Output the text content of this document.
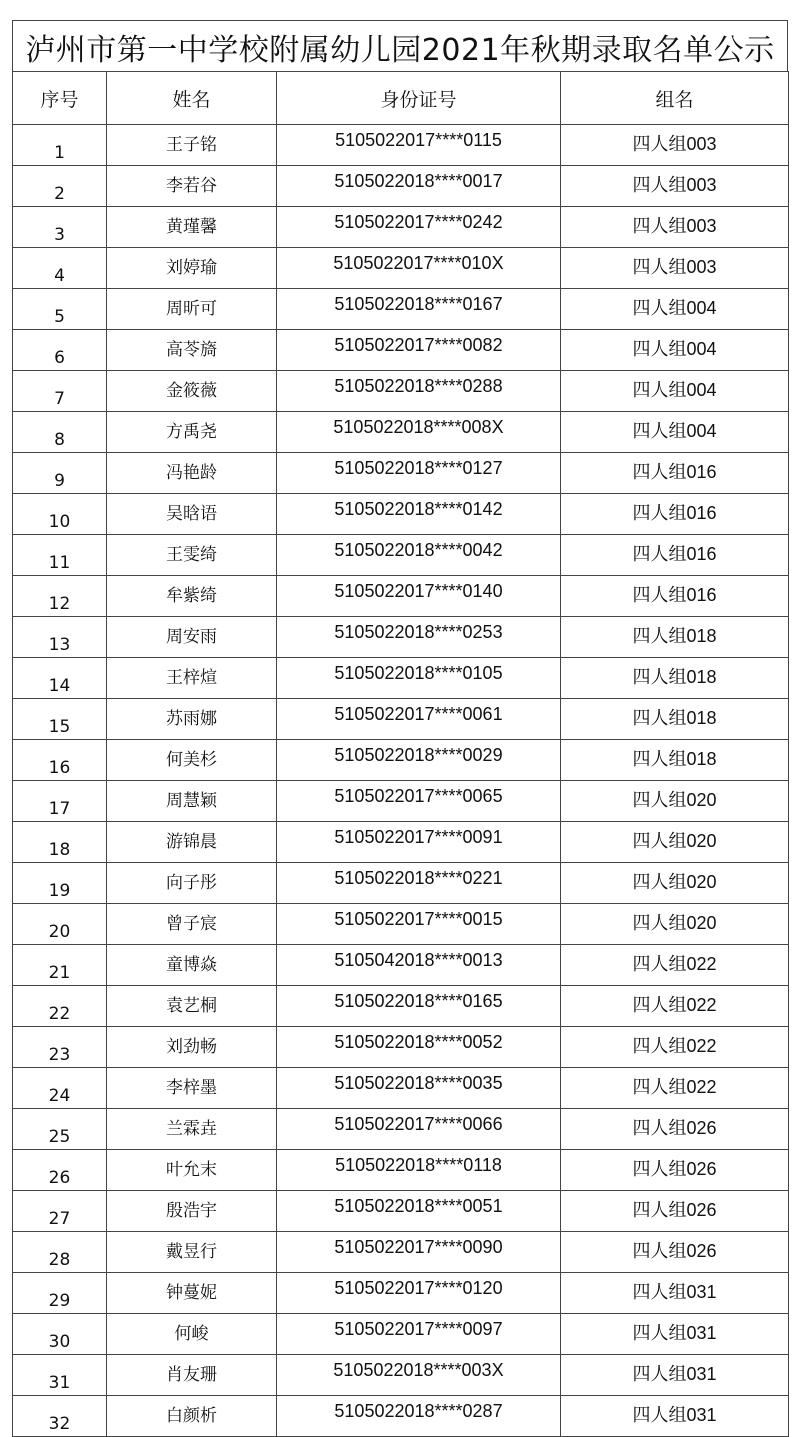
泸州市第一中学校附属幼儿园2021年秋期录取名单公示
序号	姓名	身份证号	组名
1	王子铭	5105022017****0115	四人组003
2	李若谷	5105022018****0017	四人组003
3	黄瑾馨	5105022017****0242	四人组003
4	刘婷瑜	5105022017****010X	四人组003
5	周昕可	5105022018****0167	四人组004
6	高苓旖	5105022017****0082	四人组004
7	金筱薇	5105022018****0288	四人组004
8	方禹尧	5105022018****008X	四人组004
9	冯艳龄	5105022018****0127	四人组016
10	吴晗语	5105022018****0142	四人组016
11	王雯绮	5105022018****0042	四人组016
12	牟紫绮	5105022017****0140	四人组016
13	周安雨	5105022018****0253	四人组018
14	王梓煊	5105022018****0105	四人组018
15	苏雨娜	5105022017****0061	四人组018
16	何美杉	5105022018****0029	四人组018
17	周慧颖	5105022017****0065	四人组020
18	游锦晨	5105022017****0091	四人组020
19	向子彤	5105022018****0221	四人组020
20	曾子宸	5105022017****0015	四人组020
21	童博焱	5105042018****0013	四人组022
22	袁艺桐	5105022018****0165	四人组022
23	刘劲畅	5105022018****0052	四人组022
24	李梓墨	5105022018****0035	四人组022
25	兰霖垚	5105022017****0066	四人组026
26	叶允末	5105022018****0118	四人组026
27	殷浩宇	5105022018****0051	四人组026
28	戴昱行	5105022017****0090	四人组026
29	钟蔓妮	5105022017****0120	四人组031
30	何峻	5105022017****0097	四人组031
31	肖友珊	5105022018****003X	四人组031
32	白颜析	5105022018****0287	四人组031
